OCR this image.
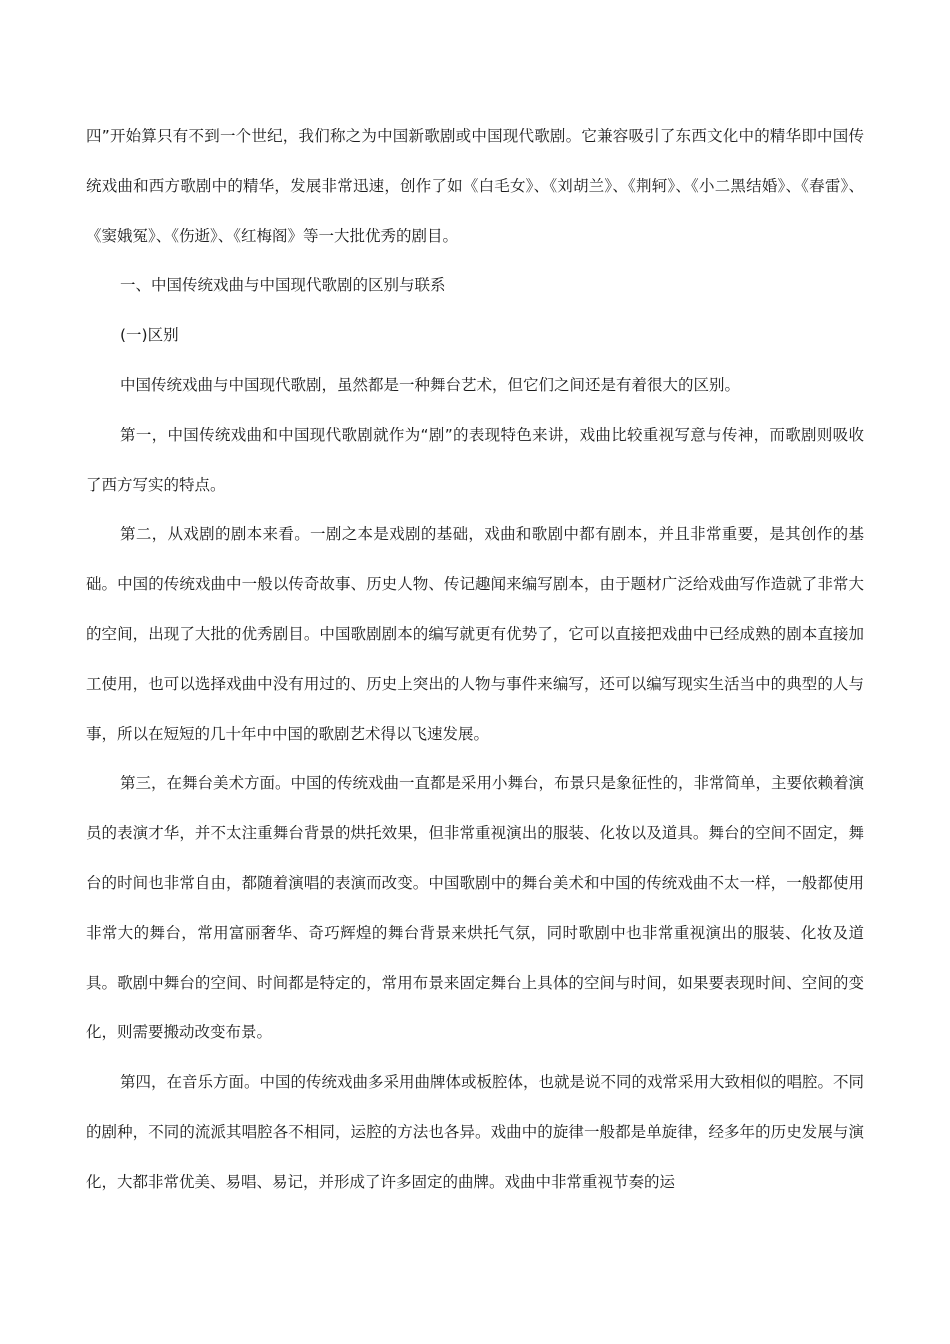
四”开始算只有不到一个世纪，我们称之为中国新歌剧或中国现代歌剧。它兼容吸引了东西文化中的精华即中国传统戏曲和西方歌剧中的精华，发展非常迅速，创作了如《白毛女》、《刘胡兰》、《荆轲》、《小二黑结婚》、《春雷》、《窦娥冤》、《伤逝》、《红梅阁》等一大批优秀的剧目。

一、中国传统戏曲与中国现代歌剧的区别与联系

(一)区别

中国传统戏曲与中国现代歌剧，虽然都是一种舞台艺术，但它们之间还是有着很大的区别。

第一，中国传统戏曲和中国现代歌剧就作为“剧”的表现特色来讲，戏曲比较重视写意与传神，而歌剧则吸收了西方写实的特点。

第二，从戏剧的剧本来看。一剧之本是戏剧的基础，戏曲和歌剧中都有剧本，并且非常重要，是其创作的基础。中国的传统戏曲中一般以传奇故事、历史人物、传记趣闻来编写剧本，由于题材广泛给戏曲写作造就了非常大的空间，出现了大批的优秀剧目。中国歌剧剧本的编写就更有优势了，它可以直接把戏曲中已经成熟的剧本直接加工使用，也可以选择戏曲中没有用过的、历史上突出的人物与事件来编写，还可以编写现实生活当中的典型的人与事，所以在短短的几十年中中国的歌剧艺术得以飞速发展。

第三，在舞台美术方面。中国的传统戏曲一直都是采用小舞台，布景只是象征性的，非常简单，主要依赖着演员的表演才华，并不太注重舞台背景的烘托效果，但非常重视演出的服装、化妆以及道具。舞台的空间不固定，舞台的时间也非常自由，都随着演唱的表演而改变。中国歌剧中的舞台美术和中国的传统戏曲不太一样，一般都使用非常大的舞台，常用富丽奢华、奇巧辉煌的舞台背景来烘托气氛，同时歌剧中也非常重视演出的服装、化妆及道具。歌剧中舞台的空间、时间都是特定的，常用布景来固定舞台上具体的空间与时间，如果要表现时间、空间的变化，则需要搬动改变布景。

第四，在音乐方面。中国的传统戏曲多采用曲牌体或板腔体，也就是说不同的戏常采用大致相似的唱腔。不同的剧种，不同的流派其唱腔各不相同，运腔的方法也各异。戏曲中的旋律一般都是单旋律，经多年的历史发展与演化，大都非常优美、易唱、易记，并形成了许多固定的曲牌。戏曲中非常重视节奏的运
